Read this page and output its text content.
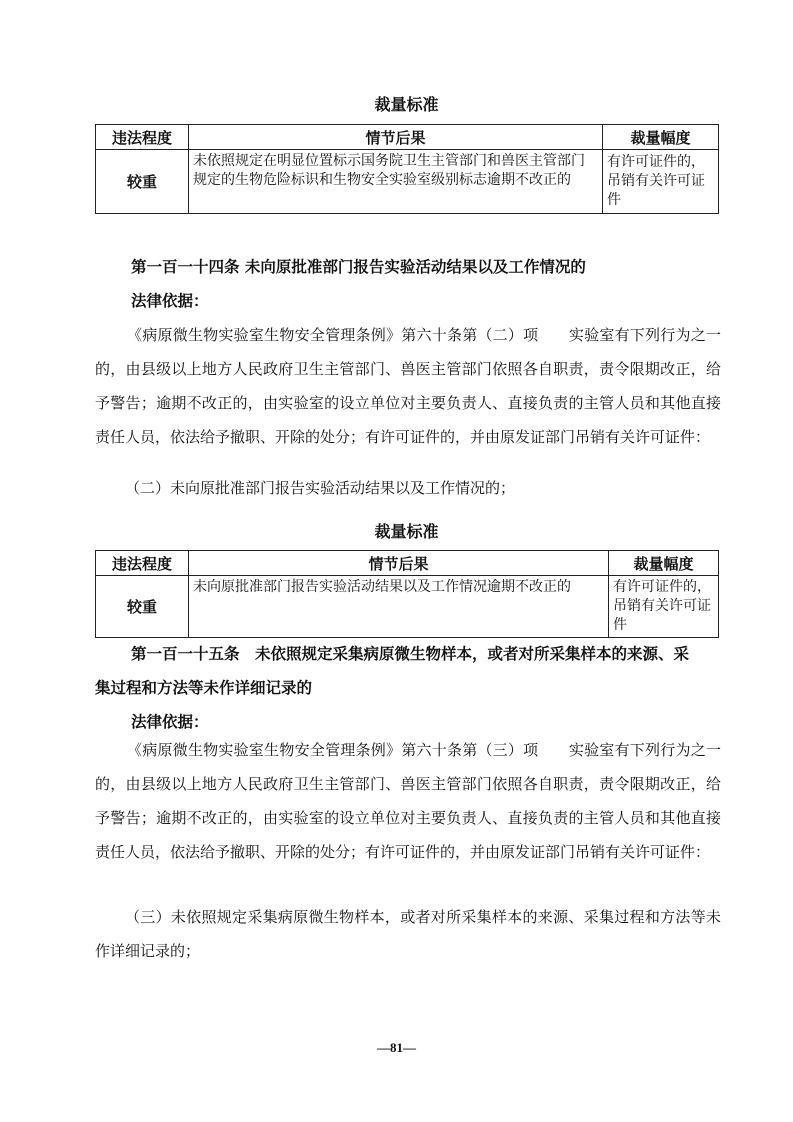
裁量标准
违法程度	情节后果	裁量幅度
较重	未依照规定在明显位置标示国务院卫生主管部门和兽医主管部门规定的生物危险标识和生物安全实验室级别标志逾期不改正的	有许可证件的，吊销有关许可证件
第一百一十四条 未向原批准部门报告实验活动结果以及工作情况的
法律依据：
《病原微生物实验室生物安全管理条例》第六十条第（二）项　　实验室有下列行为之一的，由县级以上地方人民政府卫生主管部门、兽医主管部门依照各自职责，责令限期改正，给予警告；逾期不改正的，由实验室的设立单位对主要负责人、直接负责的主管人员和其他直接责任人员，依法给予撤职、开除的处分；有许可证件的，并由原发证部门吊销有关许可证件：
（二）未向原批准部门报告实验活动结果以及工作情况的；
裁量标准
违法程度	情节后果	裁量幅度
较重	未向原批准部门报告实验活动结果以及工作情况逾期不改正的	有许可证件的，吊销有关许可证件
第一百一十五条　未依照规定采集病原微生物样本，或者对所采集样本的来源、采
集过程和方法等未作详细记录的
法律依据：
《病原微生物实验室生物安全管理条例》第六十条第（三）项　　实验室有下列行为之一的，由县级以上地方人民政府卫生主管部门、兽医主管部门依照各自职责，责令限期改正，给予警告；逾期不改正的，由实验室的设立单位对主要负责人、直接负责的主管人员和其他直接责任人员，依法给予撤职、开除的处分；有许可证件的，并由原发证部门吊销有关许可证件：
（三）未依照规定采集病原微生物样本，或者对所采集样本的来源、采集过程和方法等未作详细记录的；
—81—
